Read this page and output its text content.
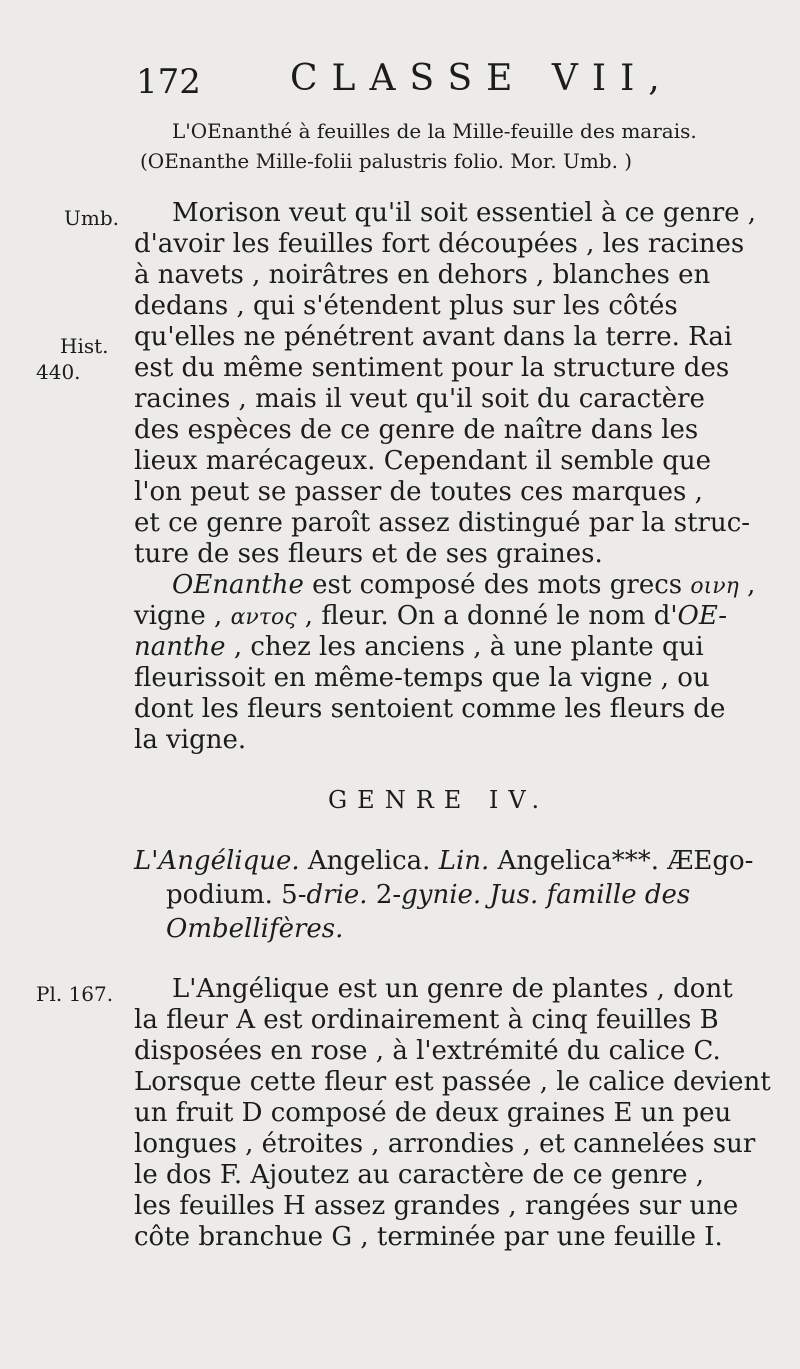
172 CLASSE VII,
L'OEnanthé à feuilles de la Mille-feuille des marais.
(OEnanthe Mille-folii palustris folio. Mor. Umb. )
Umb.
Hist.
440.
Pl. 167.
Morison veut qu'il soit essentiel à ce genre ,
d'avoir les feuilles fort découpées , les racines
à navets , noirâtres en dehors , blanches en
dedans , qui s'étendent plus sur les côtés
qu'elles ne pénétrent avant dans la terre. Rai
est du même sentiment pour la structure des
racines , mais il veut qu'il soit du caractère
des espèces de ce genre de naître dans les
lieux marécageux. Cependant il semble que
l'on peut se passer de toutes ces marques ,
et ce genre paroît assez distingué par la struc-
ture de ses fleurs et de ses graines.
OEnanthe est composé des mots grecs οινη ,
vigne , αντος , fleur. On a donné le nom d'OE-
nanthe , chez les anciens , à une plante qui
fleurissoit en même-temps que la vigne , ou
dont les fleurs sentoient comme les fleurs de
la vigne.
GENRE IV.
L'Angélique. Angelica. Lin. Angelica***. ÆEgo-
podium. 5-drie. 2-gynie. Jus. famille des
Ombellifères.
L'Angélique est un genre de plantes , dont
la fleur A est ordinairement à cinq feuilles B
disposées en rose , à l'extrémité du calice C.
Lorsque cette fleur est passée , le calice devient
un fruit D composé de deux graines E un peu
longues , étroites , arrondies , et cannelées sur
le dos F. Ajoutez au caractère de ce genre ,
les feuilles H assez grandes , rangées sur une
côte branchue G , terminée par une feuille I.
